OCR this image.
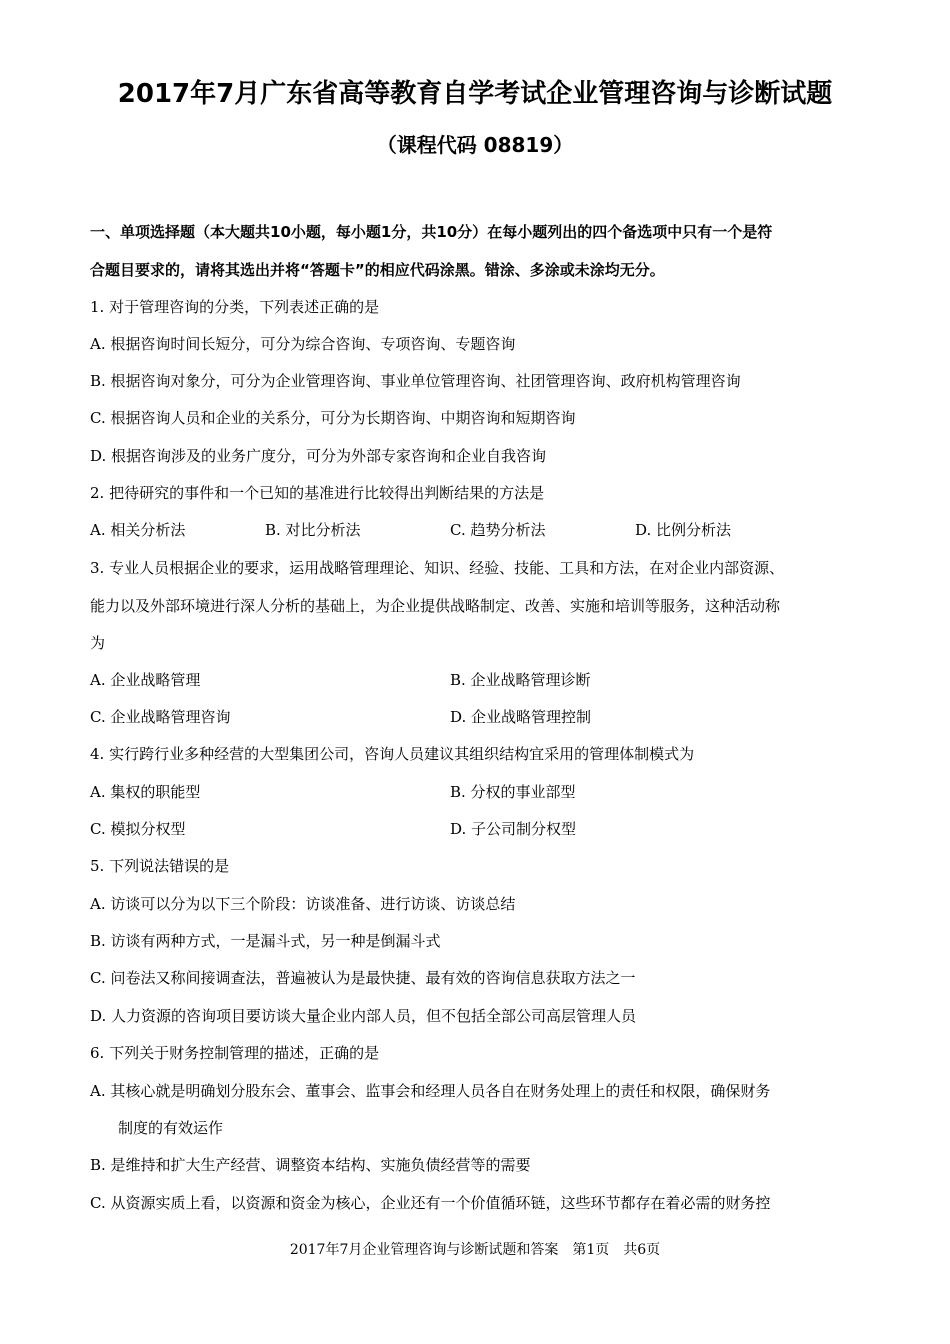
2017年7月广东省高等教育自学考试企业管理咨询与诊断试题
（课程代码 08819）
一、单项选择题（本大题共10小题，每小题1分，共10分）在每小题列出的四个备选项中只有一个是符
合题目要求的，请将其选出并将“答题卡”的相应代码涂黑。错涂、多涂或未涂均无分。
1. 对于管理咨询的分类，下列表述正确的是
A. 根据咨询时间长短分，可分为综合咨询、专项咨询、专题咨询
B. 根据咨询对象分，可分为企业管理咨询、事业单位管理咨询、社团管理咨询、政府机构管理咨询
C. 根据咨询人员和企业的关系分，可分为长期咨询、中期咨询和短期咨询
D. 根据咨询涉及的业务广度分，可分为外部专家咨询和企业自我咨询
2. 把待研究的事件和一个已知的基准进行比较得出判断结果的方法是
A. 相关分析法	B. 对比分析法	C. 趋势分析法	D. 比例分析法
3. 专业人员根据企业的要求，运用战略管理理论、知识、经验、技能、工具和方法，在对企业内部资源、
能力以及外部环境进行深人分析的基础上，为企业提供战略制定、改善、实施和培训等服务，这种活动称
为
A. 企业战略管理	B. 企业战略管理诊断
C. 企业战略管理咨询	D. 企业战略管理控制
4. 实行跨行业多种经营的大型集团公司，咨询人员建议其组织结构宜采用的管理体制模式为
A. 集权的职能型	B. 分权的事业部型
C. 模拟分权型	D. 子公司制分权型
5. 下列说法错误的是
A. 访谈可以分为以下三个阶段：访谈准备、进行访谈、访谈总结
B. 访谈有两种方式，一是漏斗式，另一种是倒漏斗式
C. 问卷法又称间接调查法，普遍被认为是最快捷、最有效的咨询信息获取方法之一
D. 人力资源的咨询项目要访谈大量企业内部人员，但不包括全部公司高层管理人员
6. 下列关于财务控制管理的描述，正确的是
A. 其核心就是明确划分股东会、董事会、监事会和经理人员各自在财务处理上的责任和权限，确保财务
制度的有效运作
B. 是维持和扩大生产经营、调整资本结构、实施负债经营等的需要
C. 从资源实质上看，以资源和资金为核心，企业还有一个价值循环链，这些环节都存在着必需的财务控
2017年7月企业管理咨询与诊断试题和答案　第1页　共6页
